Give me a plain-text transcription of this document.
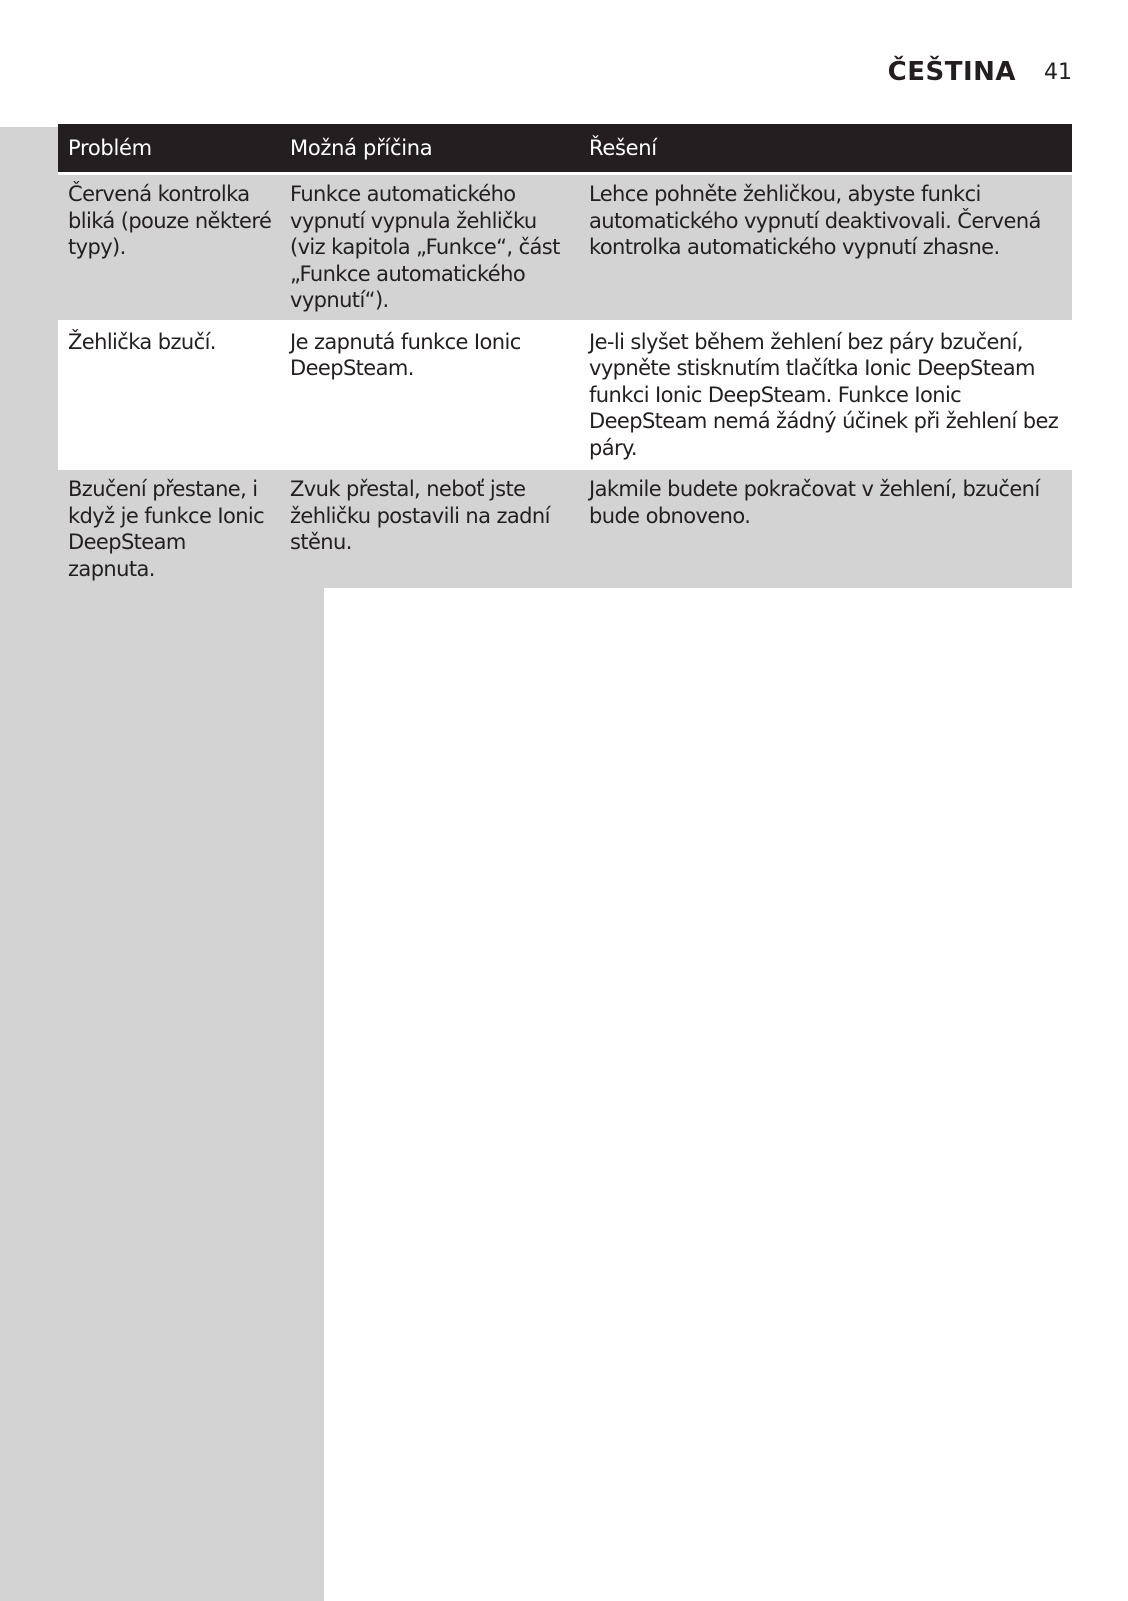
ČEŠTINA 41
Problém	Možná příčina	Řešení
Červená kontrolka bliká (pouze některé typy).	Funkce automatického vypnutí vypnula žehličku (viz kapitola „Funkce“, část „Funkce automatického vypnutí“).	Lehce pohněte žehličkou, abyste funkci automatického vypnutí deaktivovali. Červená kontrolka automatického vypnutí zhasne.
Žehlička bzučí.	Je zapnutá funkce Ionic DeepSteam.	Je-li slyšet během žehlení bez páry bzučení, vypněte stisknutím tlačítka Ionic DeepSteam funkci Ionic DeepSteam. Funkce Ionic DeepSteam nemá žádný účinek při žehlení bez páry.
Bzučení přestane, i když je funkce Ionic DeepSteam zapnuta.	Zvuk přestal, neboť jste žehličku postavili na zadní stěnu.	Jakmile budete pokračovat v žehlení, bzučení bude obnoveno.
